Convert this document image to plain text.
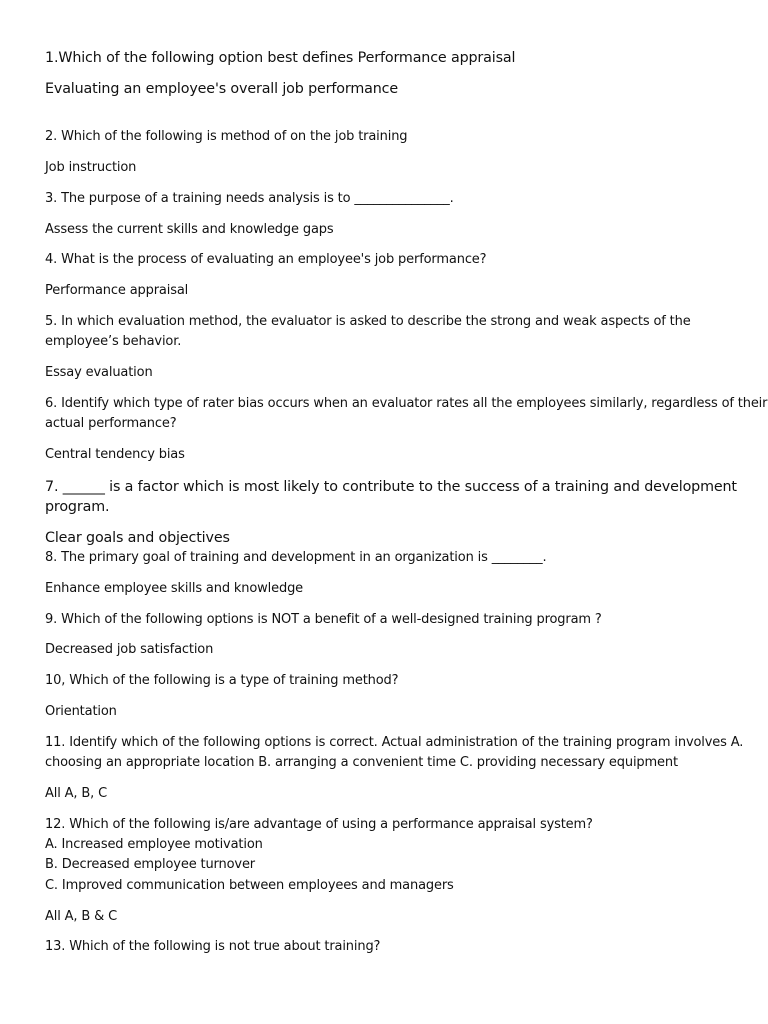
1.Which of the following option best defines Performance appraisal
Evaluating an employee's overall job performance
2. Which of the following is method of on the job training
Job instruction
3. The purpose of a training needs analysis is to _______________.
Assess the current skills and knowledge gaps
4. What is the process of evaluating an employee's job performance?
Performance appraisal
5. In which evaluation method, the evaluator is asked to describe the strong and weak aspects of the
employee’s behavior.
Essay evaluation
6. Identify which type of rater bias occurs when an evaluator rates all the employees similarly, regardless of their
actual performance?
Central tendency bias
7. ______ is a factor which is most likely to contribute to the success of a training and development
program.
Clear goals and objectives
8. The primary goal of training and development in an organization is ________.
Enhance employee skills and knowledge
9. Which of the following options is NOT a benefit of a well-designed training program ?
Decreased job satisfaction
10, Which of the following is a type of training method?
Orientation
11. Identify which of the following options is correct. Actual administration of the training program involves A.
choosing an appropriate location B. arranging a convenient time C. providing necessary equipment
All A, B, C
12. Which of the following is/are advantage of using a performance appraisal system?
A. Increased employee motivation
B. Decreased employee turnover
C. Improved communication between employees and managers
All A, B & C
13. Which of the following is not true about training?
